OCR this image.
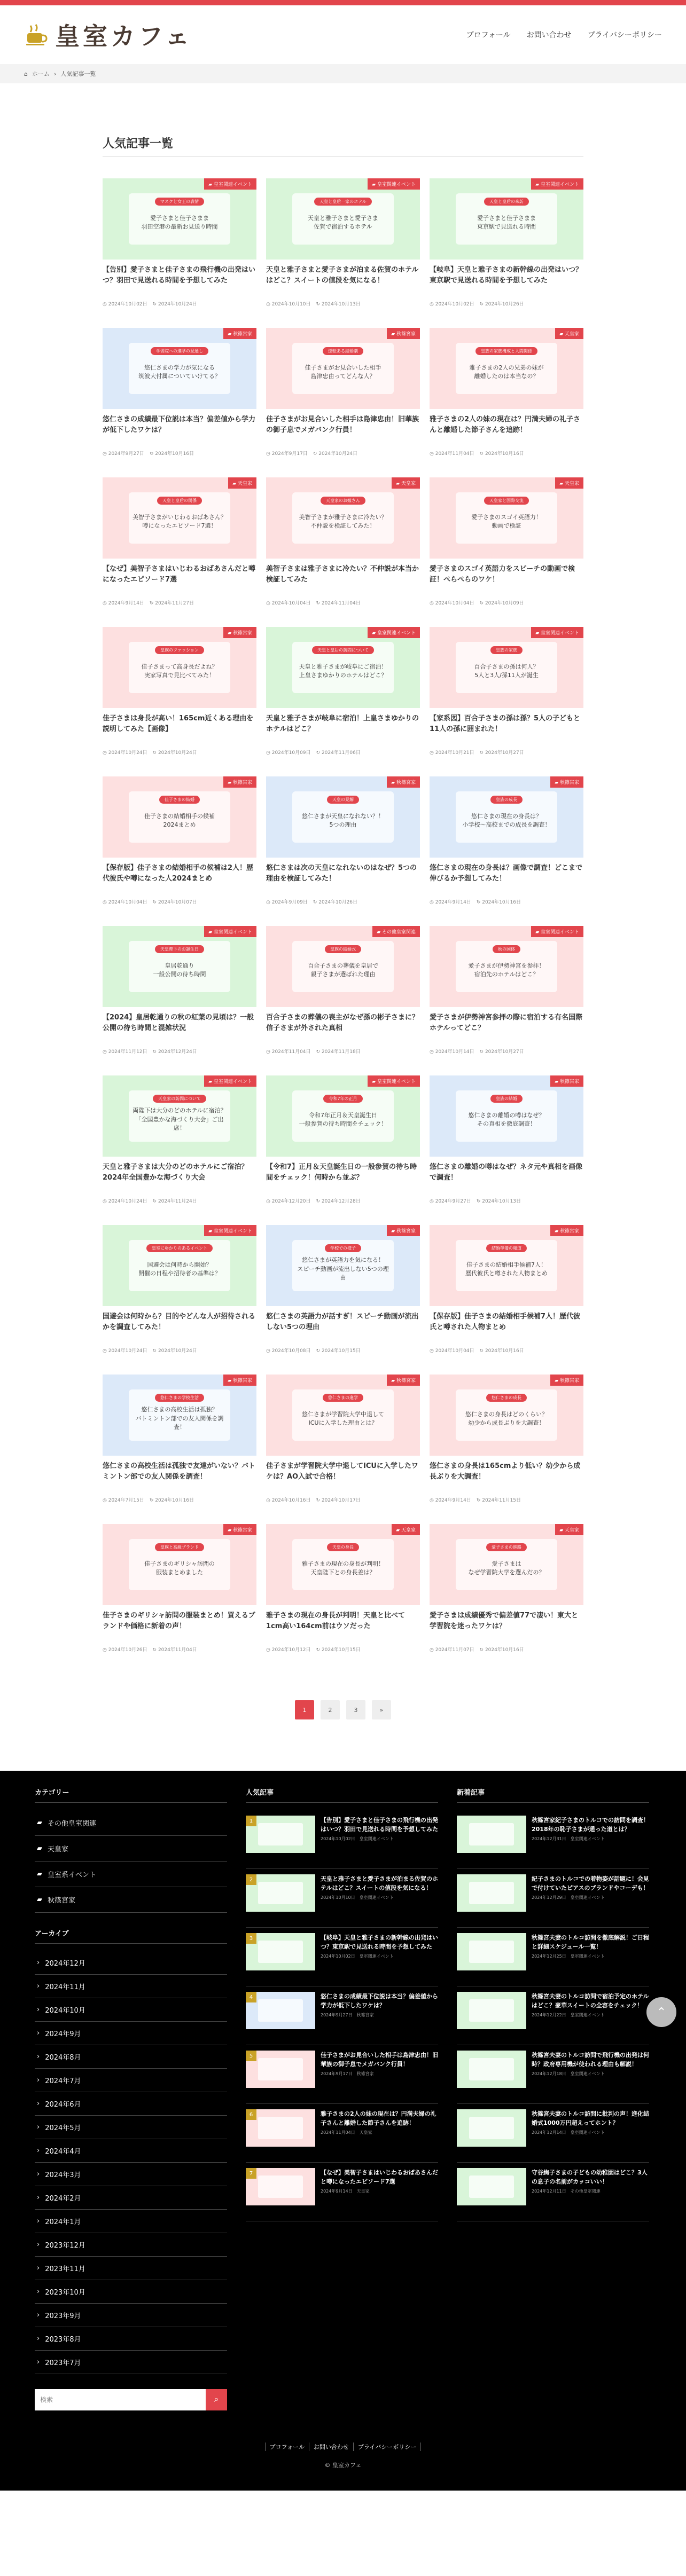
皇室カフェ	プロフォール お問い合わせ プライバシーポリシー
⌂ ホーム › 人気記事一覧
人気記事一覧
マスクと女王の表情
愛子さまと佳子さまま
羽田空港の最新お見送り時間
▰ 皇室関連イベント
【告別】愛子さまと佳子さまの飛行機の出発はいつ？羽田で見送れる時間を予想してみた
◷ 2024年10月02日 ↻ 2024年10月24日
天皇と皇后一家のホテル
天皇と雅子さまと愛子さま
佐賀で宿泊するホテル
▰ 皇室関連イベント
天皇と雅子さまと愛子さまが泊まる佐賀のホテルはどこ？スイートの値段を気になる！
◷ 2024年10月10日 ↻ 2024年10月13日
天皇と皇后の来訪
愛子さまと佳子さまま
東京駅で見送れる時間
▰ 皇室関連イベント
【岐阜】天皇と雅子さまの新幹線の出発はいつ？東京駅で見送れる時間を予想してみた
◷ 2024年10月02日 ↻ 2024年10月26日
学習院への進学の見通し
悠仁さまの学力が気になる
筑波大付属についていけてる？
▰ 秋篠宮家
悠仁さまの成績最下位説は本当？偏差値から学力が低下したワケは？
◷ 2024年9月27日 ↻ 2024年10月16日
逆転ある結婚劇
佳子さまがお見合いした相手
島津忠由ってどんな人？
▰ 秋篠宮家
佳子さまがお見合いした相手は島津忠由！旧華族の御子息でメガバンク行員！
◷ 2024年9月17日 ↻ 2024年10月24日
皇族の家族構成と人間関係
雅子さまの2人の兄弟の妹が
離婚したのは本当なの？
▰ 天皇家
雅子さまの2人の妹の現在は？円満夫婦の礼子さんと離婚した節子さんを追跡！
◷ 2024年11月04日 ↻ 2024年10月16日
天皇と皇后の関係
美智子さまがいじわるおばあさん？
噂になったエピソード7選！
▰ 天皇家
【なぜ】美智子さまはいじわるおばあさんだと噂になったエピソード7選
◷ 2024年9月14日 ↻ 2024年11月27日
天皇家のお嫁さん
美智子さまが雅子さまに冷たい？
不仲説を検証してみた！
▰ 天皇家
美智子さまは雅子さまに冷たい？不仲説が本当か検証してみた
◷ 2024年10月04日 ↻ 2024年11月04日
天皇家と国際交流
愛子さまのスゴイ英語力！
動画で検証
▰ 天皇家
愛子さまのスゴイ英語力をスピーチの動画で検証！ぺらぺらのワケ！
◷ 2024年10月04日 ↻ 2024年10月09日
皇族のファッション
佳子さまって高身長だよね？
実家写真で見比べてみた！
▰ 秋篠宮家
佳子さまは身長が高い！165cm近くある理由を説明してみた【画像】
◷ 2024年10月24日 ↻ 2024年10月24日
天皇と皇后の訪問について
天皇と雅子さまが岐阜にご宿泊！
上皇さまゆかりのホテルはどこ？
▰ 皇室関連イベント
天皇と雅子さまが岐阜に宿泊！上皇さまゆかりのホテルはどこ？
◷ 2024年10月09日 ↻ 2024年11月06日
皇族の家族
百合子さまの孫は何人？
5人と3人/孫11人が誕生
▰ 皇室関連イベント
【家系図】百合子さまの孫は孫？5人の子どもと11人の孫に囲まれた！
◷ 2024年10月21日 ↻ 2024年10月27日
佳子さまの結婚
佳子さまの結婚相手の候補
2024まとめ
▰ 秋篠宮家
【保存版】佳子さまの結婚相手の候補は2人！歴代彼氏や噂になった人2024まとめ
◷ 2024年10月04日 ↻ 2024年10月07日
天皇の見解
悠仁さまが天皇になれない？！
5つの理由
▰ 秋篠宮家
悠仁さまは次の天皇になれないのはなぜ？5つの理由を検証してみた！
◷ 2024年9月09日 ↻ 2024年10月26日
皇族の成長
悠仁さまの現在の身長は？
小学校〜高校までの成長を調査！
▰ 秋篠宮家
悠仁さまの現在の身長は？画像で調査！どこまで伸びるか予想してみた！
◷ 2024年9月14日 ↻ 2024年10月16日
天皇陛下のお誕生日
皇居乾通り
一般公開の待ち時間
▰ 皇室関連イベント
【2024】皇居乾通りの秋の紅葉の見頃は？一般公開の待ち時間と混雑状況
◷ 2024年11月12日 ↻ 2024年12月24日
皇族の結婚式
百合子さまの葬儀を皇居で
親子さまが選ばれた理由
▰ その他皇室関連
百合子さまの葬儀の喪主がなぜ孫の彬子さまに？信子さまが外された真相
◷ 2024年11月04日 ↻ 2024年11月18日
秋の国体
愛子さまが伊勢神宮を参拝！
宿泊先のホテルはどこ？
▰ 皇室関連イベント
愛子さまが伊勢神宮参拝の際に宿泊する有名国際ホテルってどこ？
◷ 2024年10月14日 ↻ 2024年10月27日
天皇家の訪問について
両陛下は大分のどのホテルに宿泊？
「全国豊かな海づくり大会」ご出席！
▰ 皇室関連イベント
天皇と雅子さまは大分のどのホテルにご宿泊？2024年全国豊かな海づくり大会
◷ 2024年10月24日 ↻ 2024年11月24日
令和7年の正月
令和7年正月＆天皇誕生日
一般参賀の待ち時間をチェック！
▰ 皇室関連イベント
【令和7】正月＆天皇誕生日の一般参賀の待ち時間をチェック！何時から並ぶ？
◷ 2024年12月20日 ↻ 2024年12月28日
皇族の結婚
悠仁さまの離婚の噂はなぜ？
その真相を徹底調査！
▰ 秋篠宮家
悠仁さまの離婚の噂はなぜ？ネタ元や真相を画像で調査！
◷ 2024年9月27日 ↻ 2024年10月13日
皇室にゆかりのあるイベント
国避会は何時から開始？
開催の日程や招待者の基準は？
▰ 皇室関連イベント
国避会は何時から？目的やどんな人が招待されるかを調査してみた！
◷ 2024年10月24日 ↻ 2024年10月24日
学校での様子
悠仁さまが英語力を気になる！
スピーチ動画が流出しない5つの理由
▰ 秋篠宮家
悠仁さまの英語力が話すぎ！スピーチ動画が流出しない5つの理由
◷ 2024年10月08日 ↻ 2024年10月15日
結婚準備の報道
佳子さまの結婚相手候補7人！
歴代彼氏と噂された人物まとめ
▰ 秋篠宮家
【保存版】佳子さまの結婚相手候補7人！歴代彼氏と噂された人物まとめ
◷ 2024年10月04日 ↻ 2024年10月16日
悠仁さまの学校生活
悠仁さまの高校生活は孤独？
バトミントン部での友人関係を調査！
▰ 秋篠宮家
悠仁さまの高校生活は孤独で友達がいない？バトミントン部での友人関係を調査！
◷ 2024年7月15日 ↻ 2024年10月16日
悠仁さまの進学
悠仁さまが学習院大学中退して
ICUに入学した理由とは？
▰ 秋篠宮家
佳子さまが学習院大学中退してICUに入学したワケは？AO入試で合格！
◷ 2024年10月16日 ↻ 2024年10月17日
悠仁さまの成長
悠仁さまの身長はどのくらい？
幼少から成長ぶりを大調査！
▰ 秋篠宮家
悠仁さまの身長は165cmより低い？幼少から成長ぶりを大調査！
◷ 2024年9月14日 ↻ 2024年11月15日
皇族と高級ブランド
佳子さまのギリシャ訪問の
服装まとめました
▰ 秋篠宮家
佳子さまのギリシャ訪問の服装まとめ！買えるブランドや価格に新着の声！
◷ 2024年10月26日 ↻ 2024年11月04日
天皇の身長
雅子さまの現在の身長が判明！
天皇陛下との身長差は？
▰ 天皇家
雅子さまの現在の身長が判明！天皇と比べて1cm高い164cm前はウソだった
◷ 2024年10月12日 ↻ 2024年10月15日
愛子さまの進路
愛子さまは
なぜ学習院大学を選んだの？
▰ 天皇家
愛子さまは成績優秀で偏差値77で凄い！東大と学習院を迷ったワケは？
◷ 2024年11月07日 ↻ 2024年10月16日
1	2	3	»
カテゴリー
▰ その他皇室関連
▰ 天皇家
▰ 皇室系イベント
▰ 秋篠宮家
アーカイブ
› 2024年12月
› 2024年11月
› 2024年10月
› 2024年9月
› 2024年8月
› 2024年7月
› 2024年6月
› 2024年5月
› 2024年4月
› 2024年3月
› 2024年2月
› 2024年1月
› 2023年12月
› 2023年11月
› 2023年10月
› 2023年9月
› 2023年8月
› 2023年7月
検索
⌕
人気記事
1	【告別】愛子さまと佳子さまの飛行機の出発はいつ？羽田で見送れる時間を予想してみた
2024年10月02日　皇室関連イベント
2	天皇と雅子さまと愛子さまが泊まる佐賀のホテルはどこ？スイートの値段を気になる！
2024年10月10日　皇室関連イベント
3	【岐阜】天皇と雅子さまの新幹線の出発はいつ？東京駅で見送れる時間を予想してみた
2024年10月02日　皇室関連イベント
4	悠仁さまの成績最下位説は本当？偏差値から学力が低下したワケは？
2024年9月27日　秋篠宮家
5	佳子さまがお見合いした相手は島津忠由！旧華族の御子息でメガバンク行員！
2024年9月17日　秋篠宮家
6	雅子さまの2人の妹の現在は？円満夫婦の礼子さんと離婚した節子さんを追跡！
2024年11月04日　天皇家
7	【なぜ】美智子さまはいじわるおばあさんだと噂になったエピソード7選
2024年9月14日　天皇家
新着記事
秋篠宮家紀子さまのトルコでの訪問を調査！2018年の恥子さまが通った道とは？
2024年12月31日　皇室関連イベント
紀子さまのトルコでの着物姿が話題に！会見で付けていたピアスのブランドやコーデも！
2024年12月29日　皇室関連イベント
秋篠宮夫妻のトルコ訪問を徹底解説！ご日程と詳細スケジュール一覧！
2024年12月25日　皇室関連イベント
秋篠宮夫妻のトルコ訪問で宿泊予定のホテルはどこ？豪華スイートの全容をチェック！
2024年12月22日　皇室関連イベント
秋篠宮夫妻のトルコ訪問で飛行機の出発は何時？政府専用機が使われる理由も解説！
2024年12月18日　皇室関連イベント
秋篠宮夫妻のトルコ訪問に批判の声！進化結婚式1000万円超えってホント？
2024年12月14日　皇室関連イベント
守谷絢子さまの子どもの幼稚園はどこ？3人の息子の名前がカッコいい！
2024年12月11日　その他皇室関連
プロフォール	お問い合わせ	プライバシーポリシー
© 皇室カフェ
⌃
